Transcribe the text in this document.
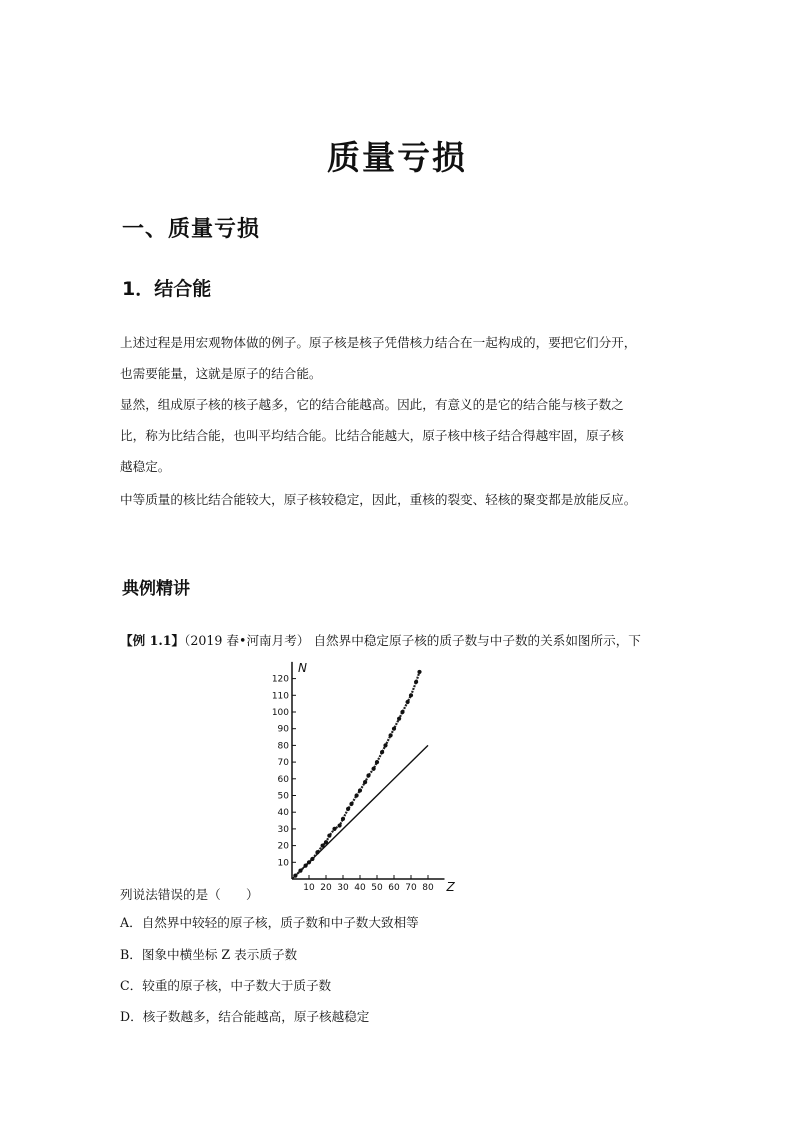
质量亏损
一、质量亏损
1．结合能
上述过程是用宏观物体做的例子。原子核是核子凭借核力结合在一起构成的，要把它们分开，
也需要能量，这就是原子的结合能。
显然，组成原子核的核子越多，它的结合能越高。因此，有意义的是它的结合能与核子数之
比，称为比结合能，也叫平均结合能。比结合能越大，原子核中核子结合得越牢固，原子核
越稳定。
中等质量的核比结合能较大，原子核较稳定，因此，重核的裂变、轻核的聚变都是放能反应。
典例精讲
【例 1.1】（2019 春•河南月考） 自然界中稳定原子核的质子数与中子数的关系如图所示，下
10
20
30
40
50
60
70
80
90
100
110
120
10 20 30 40 50 60 70 80 Z
N
列说法错误的是（　　）
A．自然界中较轻的原子核，质子数和中子数大致相等
B．图象中横坐标 Z 表示质子数
C．较重的原子核，中子数大于质子数
D．核子数越多，结合能越高，原子核越稳定
